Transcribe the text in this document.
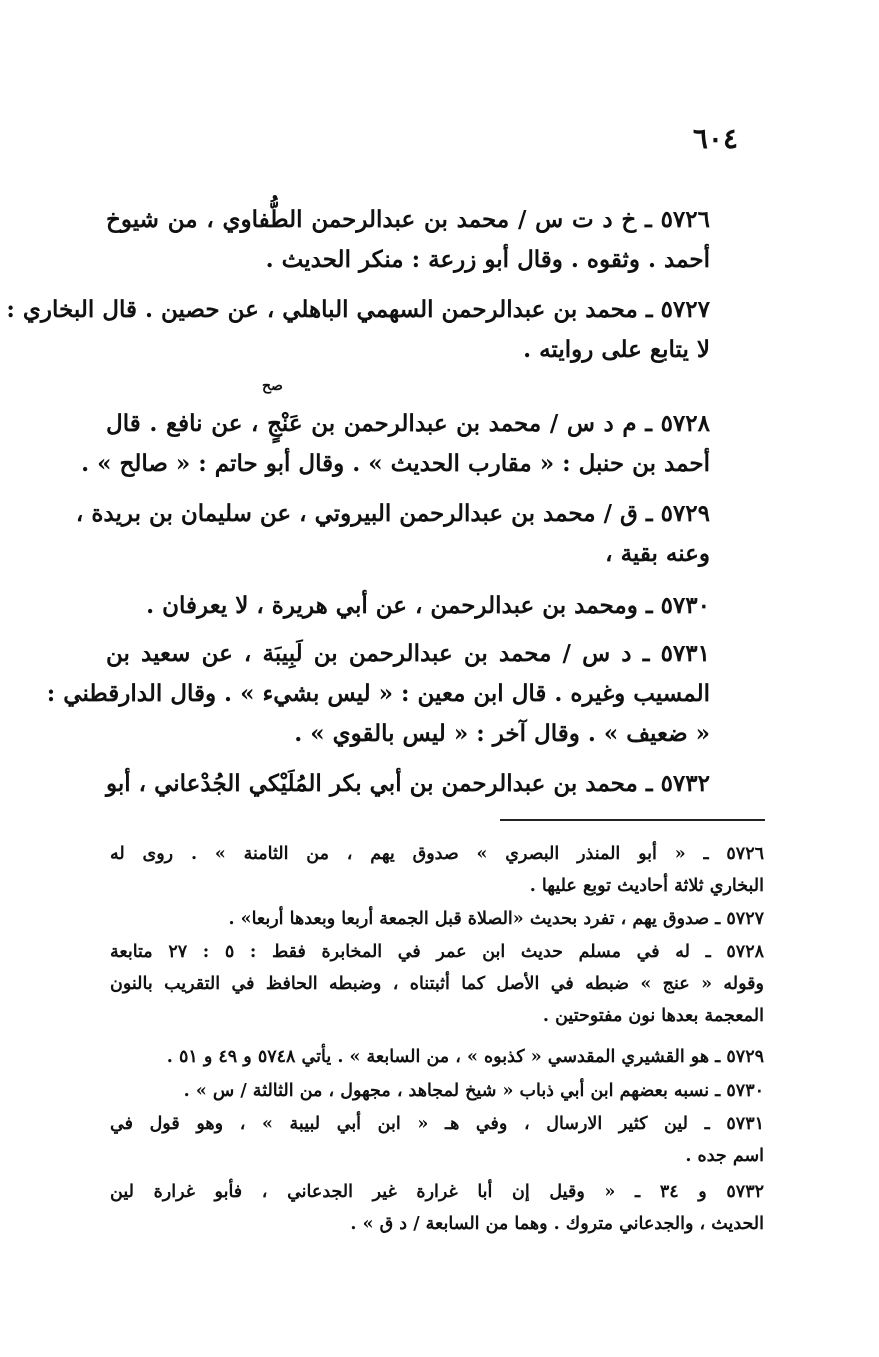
٦٠٤
٥٧٢٦ ـ خ د ت س / محمد بن عبدالرحمن الطُّفاوي ، من شيوخ
أحمد . وثقوه . وقال أبو زرعة : منكر الحديث .
٥٧٢٧ ـ محمد بن عبدالرحمن السهمي الباهلي ، عن حصين . قال البخاري :
لا يتابع على روايته .
صح
٥٧٢٨ ـ م د س / محمد بن عبدالرحمن بن عَنْجٍ ، عن نافع . قال
أحمد بن حنبل : « مقارب الحديث » . وقال أبو حاتم : « صالح » .
٥٧٢٩ ـ ق / محمد بن عبدالرحمن البيروتي ، عن سليمان بن بريدة ،
وعنه بقية ،
٥٧٣٠ ـ ومحمد بن عبدالرحمن ، عن أبي هريرة ، لا يعرفان .
٥٧٣١ ـ د س / محمد بن عبدالرحمن بن لَبِيبَة ، عن سعيد بن
المسيب وغيره . قال ابن معين : « ليس بشيء » . وقال الدارقطني :
« ضعيف » . وقال آخر : « ليس بالقوي » .
٥٧٣٢ ـ محمد بن عبدالرحمن بن أبي بكر المُلَيْكي الجُدْعاني ، أبو
٥٧٢٦ ـ « أبو المنذر البصري » صدوق يهم ، من الثامنة » . روى له
البخاري ثلاثة أحاديث توبع عليها .
٥٧٢٧ ـ صدوق يهم ، تفرد بحديث «الصلاة قبل الجمعة أربعا وبعدها أربعا» .
٥٧٢٨ ـ له في مسلم حديث ابن عمر في المخابرة فقط : ٥ : ٢٧ متابعة
وقوله « عنج » ضبطه في الأصل كما أثبتناه ، وضبطه الحافظ في التقريب بالنون
المعجمة بعدها نون مفتوحتين .
٥٧٢٩ ـ هو القشيري المقدسي « كذبوه » ، من السابعة » . يأتي ٥٧٤٨ و ٤٩ و ٥١ .
٥٧٣٠ ـ نسبه بعضهم ابن أبي ذباب « شيخ لمجاهد ، مجهول ، من الثالثة / س » .
٥٧٣١ ـ لين كثير الارسال ، وفي هـ « ابن أبي لبيبة » ، وهو قول في
اسم جده .
٥٧٣٢ و ٣٤ ـ « وقيل إن أبا غرارة غير الجدعاني ، فأبو غرارة لين
الحديث ، والجدعاني متروك . وهما من السابعة / د ق » .
